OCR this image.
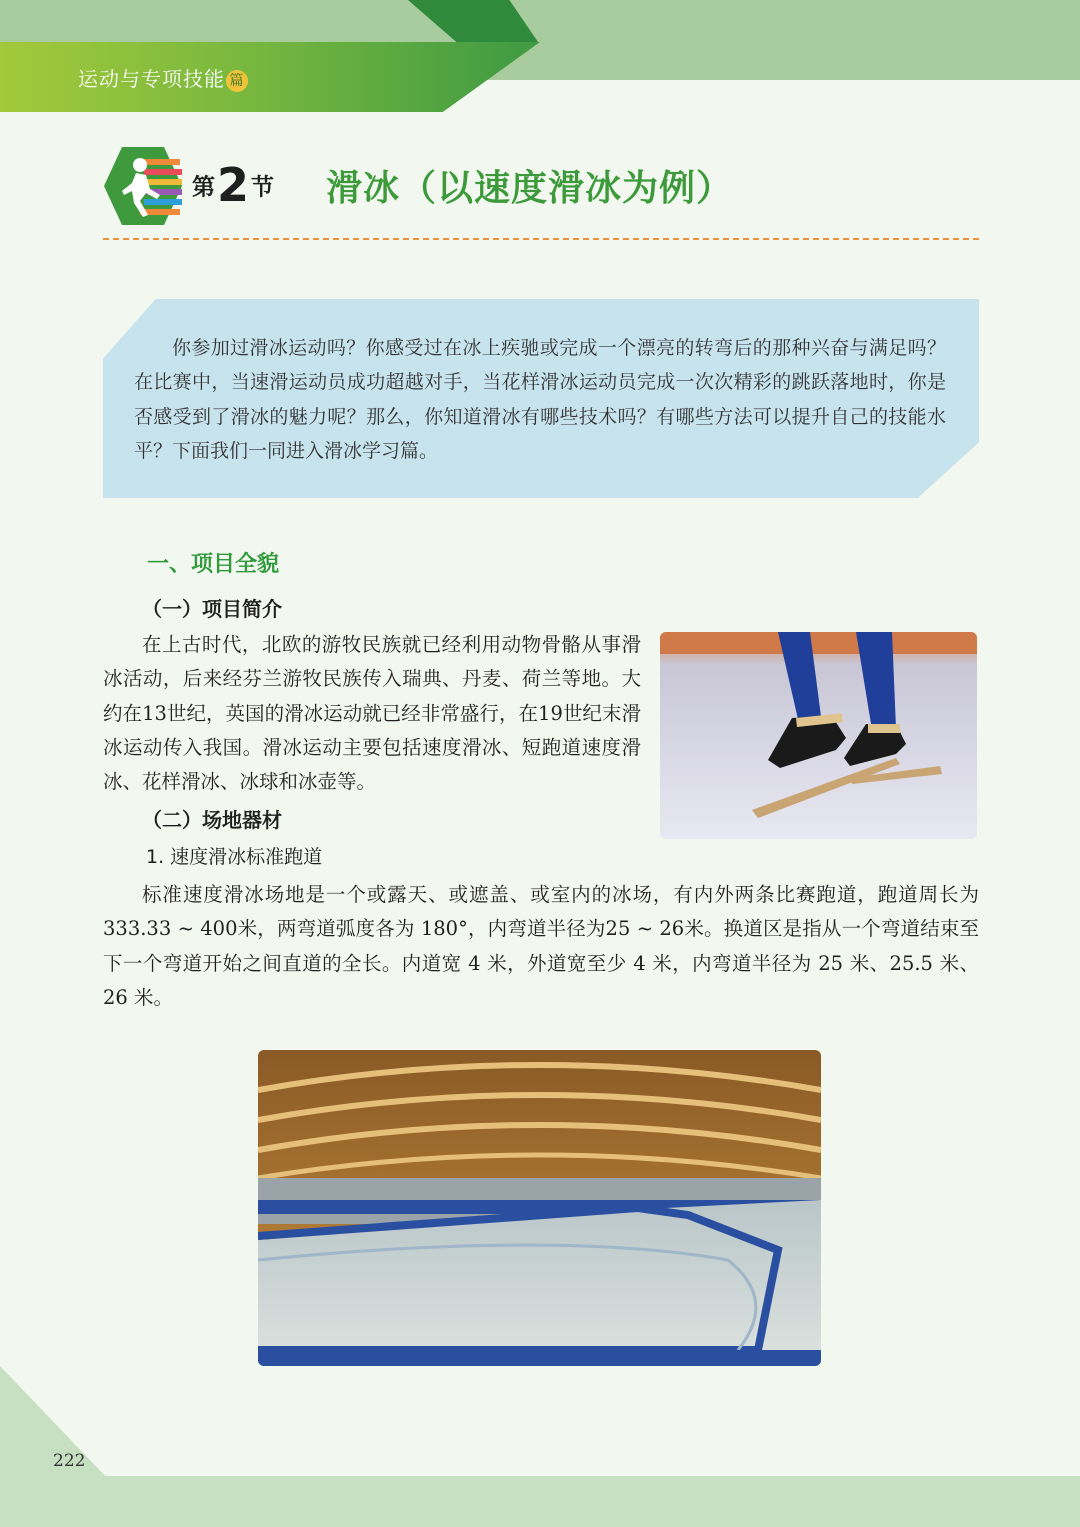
运动与专项技能 篇
第2节 滑冰（以速度滑冰为例）
你参加过滑冰运动吗？你感受过在冰上疾驰或完成一个漂亮的转弯后的那种兴奋与满足吗？在比赛中，当速滑运动员成功超越对手，当花样滑冰运动员完成一次次精彩的跳跃落地时，你是否感受到了滑冰的魅力呢？那么，你知道滑冰有哪些技术吗？有哪些方法可以提升自己的技能水平？下面我们一同进入滑冰学习篇。
一、项目全貌
（一）项目简介
在上古时代，北欧的游牧民族就已经利用动物骨骼从事滑冰活动，后来经芬兰游牧民族传入瑞典、丹麦、荷兰等地。大约在13世纪，英国的滑冰运动就已经非常盛行，在19世纪末滑冰运动传入我国。滑冰运动主要包括速度滑冰、短跑道速度滑冰、花样滑冰、冰球和冰壶等。
（二）场地器材
1. 速度滑冰标准跑道
标准速度滑冰场地是一个或露天、或遮盖、或室内的冰场，有内外两条比赛跑道，跑道周长为333.33 ~ 400米，两弯道弧度各为 180°，内弯道半径为25 ~ 26米。换道区是指从一个弯道结束至下一个弯道开始之间直道的全长。内道宽 4 米，外道宽至少 4 米，内弯道半径为 25 米、25.5 米、26 米。
222
